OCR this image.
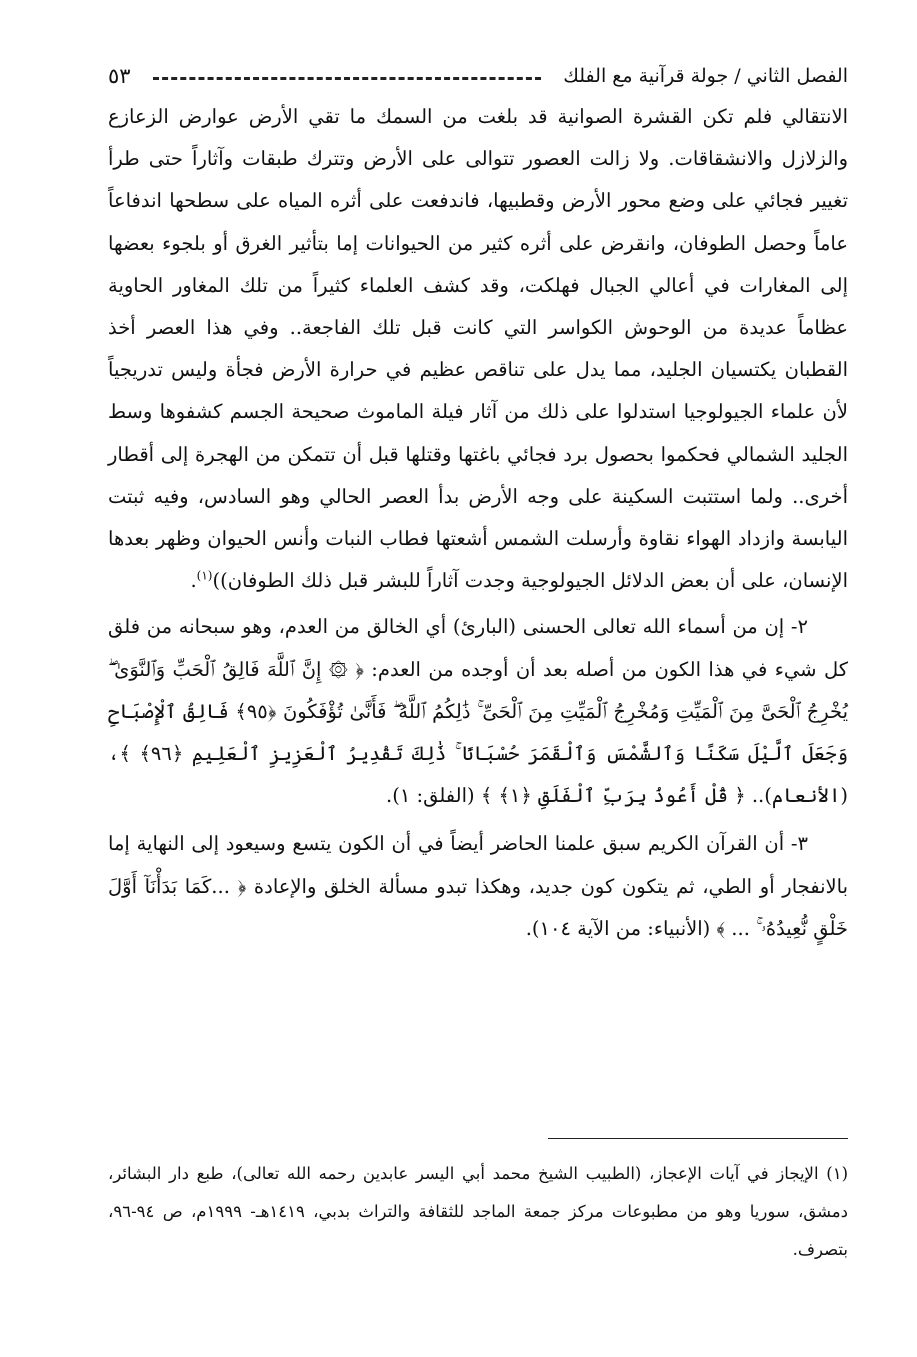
الفصل الثاني / جولة قرآنية مع الفلك
٥٣

الانتقالي فلم تكن القشرة الصوانية قد بلغت من السمك ما تقي الأرض عوارض الزعازع والزلازل والانشقاقات. ولا زالت العصور تتوالى على الأرض وتترك طبقات وآثاراً حتى طرأ تغيير فجائي على وضع محور الأرض وقطبيها، فاندفعت على أثره المياه على سطحها اندفاعاً عاماً وحصل الطوفان، وانقرض على أثره كثير من الحيوانات إما بتأثير الغرق أو بلجوء بعضها إلى المغارات في أعالي الجبال فهلكت، وقد كشف العلماء كثيراً من تلك المغاور الحاوية عظاماً عديدة من الوحوش الكواسر التي كانت قبل تلك الفاجعة.. وفي هذا العصر أخذ القطبان يكتسيان الجليد، مما يدل على تناقص عظيم في حرارة الأرض فجأة وليس تدريجياً لأن علماء الجيولوجيا استدلوا على ذلك من آثار فيلة الماموث صحيحة الجسم كشفوها وسط الجليد الشمالي فحكموا بحصول برد فجائي باغتها وقتلها قبل أن تتمكن من الهجرة إلى أقطار أخرى.. ولما استتبت السكينة على وجه الأرض بدأ العصر الحالي وهو السادس، وفيه ثبتت اليابسة وازداد الهواء نقاوة وأرسلت الشمس أشعتها فطاب النبات وأنس الحيوان وظهر بعدها الإنسان، على أن بعض الدلائل الجيولوجية وجدت آثاراً للبشر قبل ذلك الطوفان))$^{(١)}$.

٢- إن من أسماء الله تعالى الحسنى (البارئ) أي الخالق من العدم، وهو سبحانه من فلق كل شيء في هذا الكون من أصله بعد أن أوجده من العدم: ﴿ ۞ إِنَّ ٱللَّهَ فَالِقُ ٱلْحَبِّ وَٱلنَّوَىٰ ۖ يُخْرِجُ ٱلْحَىَّ مِنَ ٱلْمَيِّتِ وَمُخْرِجُ ٱلْمَيِّتِ مِنَ ٱلْحَىِّ ۚ ذَٰلِكُمُ ٱللَّهُ ۖ فَأَنَّىٰ تُؤْفَكُونَ ﴿٩٥﴾ فَالِقُ ٱلْإِصْبَاحِ وَجَعَلَ ٱلَّيْلَ سَكَنًا وَٱلشَّمْسَ وَٱلْقَمَرَ حُسْبَانًا ۚ ذَٰلِكَ تَقْدِيرُ ٱلْعَزِيزِ ٱلْعَلِيمِ ﴿٩٦﴾ ﴾، (الأنعام).. ﴿ قُلْ أَعُوذُ بِرَبِّ ٱلْفَلَقِ ﴿١﴾ ﴾ (الفلق: ١).

٣- أن القرآن الكريم سبق علمنا الحاضر أيضاً في أن الكون يتسع وسيعود إلى النهاية إما بالانفجار أو الطي، ثم يتكون كون جديد، وهكذا تبدو مسألة الخلق والإعادة ﴿ ...كَمَا بَدَأْنَآ أَوَّلَ خَلْقٍ نُّعِيدُهُۥ ۚ ... ﴾ (الأنبياء: من الآية ١٠٤).

(١) الإيجاز في آيات الإعجاز، (الطبيب الشيخ محمد أبي اليسر عابدين رحمه الله تعالى)، طبع دار البشائر، دمشق، سوريا وهو من مطبوعات مركز جمعة الماجد للثقافة والتراث بدبي، ١٤١٩هـ- ١٩٩٩م، ص ٩٤-٩٦، بتصرف.
